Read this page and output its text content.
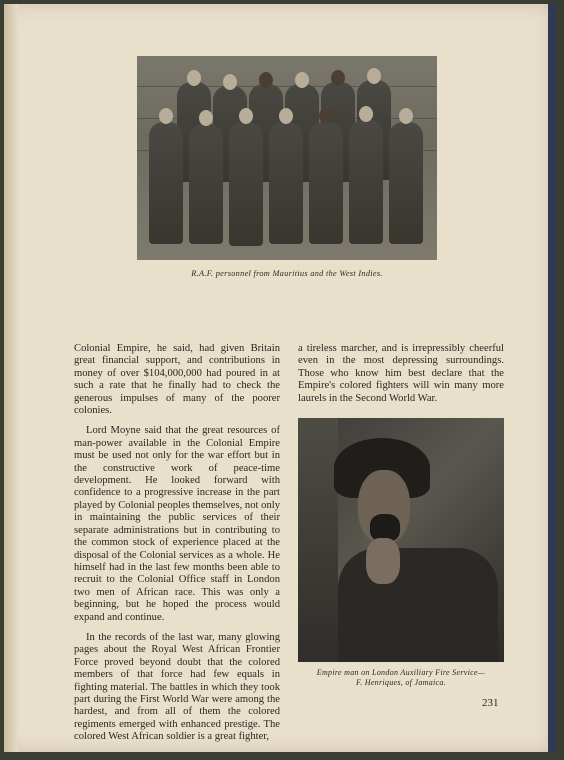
R.A.F. personnel from Mauritius and the West Indies.

Colonial Empire, he said, had given Britain great financial support, and contributions in money of over $104,000,000 had poured in at such a rate that he finally had to check the generous impulses of many of the poorer colonies.

Lord Moyne said that the great resources of man-power available in the Colonial Empire must be used not only for the war effort but in the constructive work of peace-time development. He looked forward with confidence to a progressive increase in the part played by Colonial peoples themselves, not only in maintaining the public services of their separate administrations but in contributing to the common stock of experience placed at the disposal of the Colonial services as a whole. He himself had in the last few months been able to recruit to the Colonial Office staff in London two men of African race. This was only a beginning, but he hoped the process would expand and continue.

In the records of the last war, many glowing pages about the Royal West African Frontier Force proved beyond doubt that the colored members of that force had few equals in fighting material. The battles in which they took part during the First World War were among the hardest, and from all of them the colored regiments emerged with enhanced prestige. The colored West African soldier is a great fighter,

a tireless marcher, and is irrepressibly cheerful even in the most depressing surroundings. Those who know him best declare that the Empire's colored fighters will win many more laurels in the Second World War.

Empire man on London Auxiliary Fire Service—
F. Henriques, of Jamaica.
231
